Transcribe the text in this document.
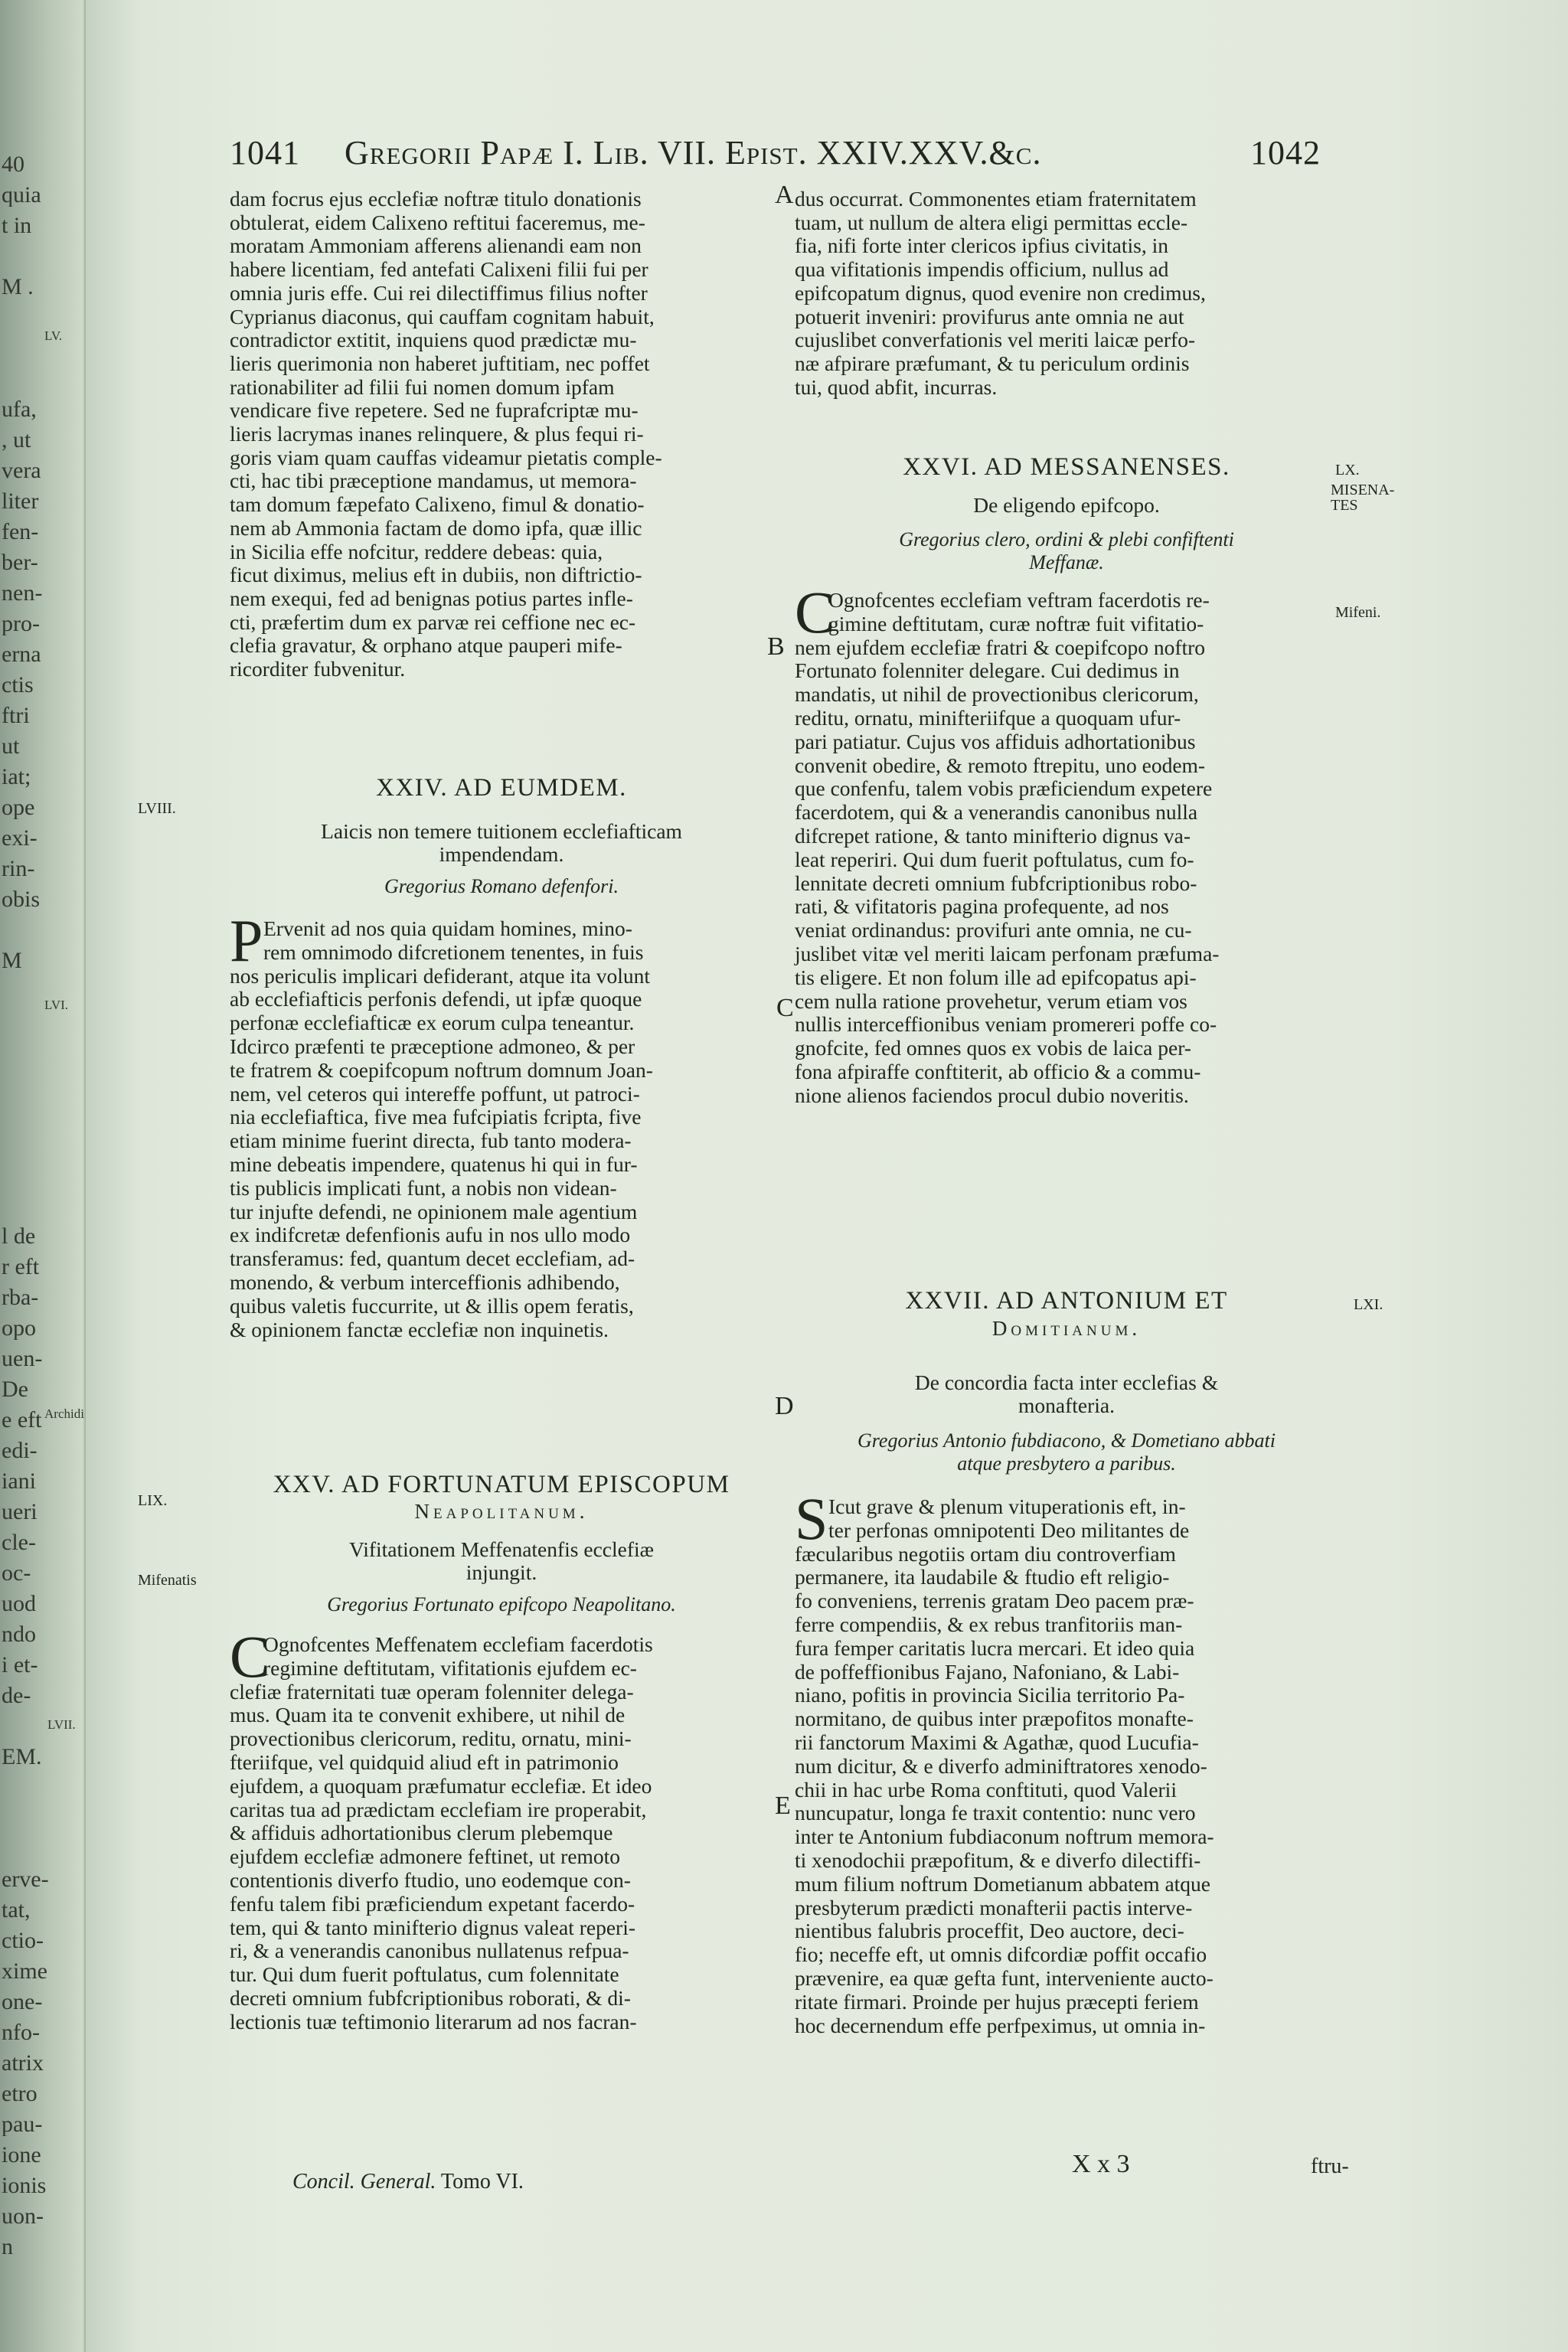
40
quia
t in
M .
ufa,
, ut
vera
liter
fen-
ber-
nen-
pro-
erna
ctis
ftri
ut
iat;
ope
exi-
rin-
obis
M
l de
r eft
rba-
opo
uen-
De
e eft
edi-
iani
ueri
cle-
oc-
uod
ndo
i et-
de-
EM.
erve-
tat,
ctio-
xime
one-
nfo-
atrix
etro
pau-
ione
ionis
uon-
n
LV.
LVI.
Archidi
LVII.
1041 Gregorii Papæ I. Lib. VII. Epist. XXIV.XXV.&c.	1042
dam focrus ejus ecclefiæ noftræ titulo donationis
obtulerat, eidem Calixeno reftitui faceremus, me-
moratam Ammoniam afferens alienandi eam non
habere licentiam, fed antefati Calixeni filii fui per
omnia juris effe. Cui rei dilectiffimus filius nofter
Cyprianus diaconus, qui cauffam cognitam habuit,
contradictor extitit, inquiens quod prædictæ mu-
lieris querimonia non haberet juftitiam, nec poffet
rationabiliter ad filii fui nomen domum ipfam
vendicare five repetere. Sed ne fuprafcriptæ mu-
lieris lacrymas inanes relinquere, & plus fequi ri-
goris viam quam cauffas videamur pietatis comple-
cti, hac tibi præceptione mandamus, ut memora-
tam domum fæpefato Calixeno, fimul & donatio-
nem ab Ammonia factam de domo ipfa, quæ illic
in Sicilia effe nofcitur, reddere debeas: quia,
ficut diximus, melius eft in dubiis, non diftrictio-
nem exequi, fed ad benignas potius partes infle-
cti, præfertim dum ex parvæ rei ceffione nec ec-
clefia gravatur, & orphano atque pauperi mife-
ricorditer fubvenitur.
XXIV. AD EUMDEM.
Laicis non temere tuitionem ecclefiafticam
impendendam.
Gregorius Romano defenfori.
Ervenit ad nos quia quidam homines, mino-
rem omnimodo difcretionem tenentes, in fuis
nos periculis implicari defiderant, atque ita volunt
ab ecclefiafticis perfonis defendi, ut ipfæ quoque
perfonæ ecclefiafticæ ex eorum culpa teneantur.
Idcirco præfenti te præceptione admoneo, & per
te fratrem & coepifcopum noftrum domnum Joan-
nem, vel ceteros qui intereffe poffunt, ut patroci-
nia ecclefiaftica, five mea fufcipiatis fcripta, five
etiam minime fuerint directa, fub tanto modera-
mine debeatis impendere, quatenus hi qui in fur-
tis publicis implicati funt, a nobis non videan-
tur injufte defendi, ne opinionem male agentium
ex indifcretæ defenfionis aufu in nos ullo modo
transferamus: fed, quantum decet ecclefiam, ad-
monendo, & verbum interceffionis adhibendo,
quibus valetis fuccurrite, ut & illis opem feratis,
& opinionem fanctæ ecclefiæ non inquinetis.
XXV. AD FORTUNATUM EPISCOPUM
Neapolitanum.
Vifitationem Meffenatenfis ecclefiæ
injungit.
Gregorius Fortunato epifcopo Neapolitano.
Ognofcentes Meffenatem ecclefiam facerdotis
regimine deftitutam, vifitationis ejufdem ec-
clefiæ fraternitati tuæ operam folenniter delega-
mus. Quam ita te convenit exhibere, ut nihil de
provectionibus clericorum, reditu, ornatu, mini-
fteriifque, vel quidquid aliud eft in patrimonio
ejufdem, a quoquam præfumatur ecclefiæ. Et ideo
caritas tua ad prædictam ecclefiam ire properabit,
& affiduis adhortationibus clerum plebemque
ejufdem ecclefiæ admonere feftinet, ut remoto
contentionis diverfo ftudio, uno eodemque con-
fenfu talem fibi præficiendum expetant facerdo-
tem, qui & tanto minifterio dignus valeat reperi-
ri, & a venerandis canonibus nullatenus refpua-
tur. Qui dum fuerit poftulatus, cum folennitate
decreti omnium fubfcriptionibus roborati, & di-
lectionis tuæ teftimonio literarum ad nos facran-
P
C
dus occurrat. Commonentes etiam fraternitatem
tuam, ut nullum de altera eligi permittas eccle-
fia, nifi forte inter clericos ipfius civitatis, in
qua vifitationis impendis officium, nullus ad
epifcopatum dignus, quod evenire non credimus,
potuerit inveniri: provifurus ante omnia ne aut
cujuslibet converfationis vel meriti laicæ perfo-
næ afpirare præfumant, & tu periculum ordinis
tui, quod abfit, incurras.
XXVI. AD MESSANENSES.
De eligendo epifcopo.
Gregorius clero, ordini & plebi confiftenti
Meffanæ.
Ognofcentes ecclefiam veftram facerdotis re-
gimine deftitutam, curæ noftræ fuit vifitatio-
nem ejufdem ecclefiæ fratri & coepifcopo noftro
Fortunato folenniter delegare. Cui dedimus in
mandatis, ut nihil de provectionibus clericorum,
reditu, ornatu, minifteriifque a quoquam ufur-
pari patiatur. Cujus vos affiduis adhortationibus
convenit obedire, & remoto ftrepitu, uno eodem-
que confenfu, talem vobis præficiendum expetere
facerdotem, qui & a venerandis canonibus nulla
difcrepet ratione, & tanto minifterio dignus va-
leat reperiri. Qui dum fuerit poftulatus, cum fo-
lennitate decreti omnium fubfcriptionibus robo-
rati, & vifitatoris pagina profequente, ad nos
veniat ordinandus: provifuri ante omnia, ne cu-
juslibet vitæ vel meriti laicam perfonam præfuma-
tis eligere. Et non folum ille ad epifcopatus api-
cem nulla ratione provehetur, verum etiam vos
nullis interceffionibus veniam promereri poffe co-
gnofcite, fed omnes quos ex vobis de laica per-
fona afpiraffe conftiterit, ab officio & a commu-
nione alienos faciendos procul dubio noveritis.
XXVII. AD ANTONIUM ET
Domitianum.
De concordia facta inter ecclefias &
monafteria.
Gregorius Antonio fubdiacono, & Dometiano abbati
atque presbytero a paribus.
Icut grave & plenum vituperationis eft, in-
ter perfonas omnipotenti Deo militantes de
fæcularibus negotiis ortam diu controverfiam
permanere, ita laudabile & ftudio eft religio-
fo conveniens, terrenis gratam Deo pacem præ-
ferre compendiis, & ex rebus tranfitoriis man-
fura femper caritatis lucra mercari. Et ideo quia
de poffeffionibus Fajano, Nafoniano, & Labi-
niano, pofitis in provincia Sicilia territorio Pa-
normitano, de quibus inter præpofitos monafte-
rii fanctorum Maximi & Agathæ, quod Lucufia-
num dicitur, & e diverfo adminiftratores xenodo-
chii in hac urbe Roma conftituti, quod Valerii
nuncupatur, longa fe traxit contentio: nunc vero
inter te Antonium fubdiaconum noftrum memora-
ti xenodochii præpofitum, & e diverfo dilectiffi-
mum filium noftrum Dometianum abbatem atque
presbyterum prædicti monafterii pactis interve-
nientibus falubris proceffit, Deo auctore, deci-
fio; neceffe eft, ut omnis difcordiæ poffit occafio
prævenire, ea quæ gefta funt, interveniente aucto-
ritate firmari. Proinde per hujus præcepti feriem
hoc decernendum effe perfpeximus, ut omnia in-
C
S
A
B
C
D
E
LVIII.
LIX.
Mifenatis
LX.
MISENA-
TES
Mifeni.
LXI.
Concil. General. Tomo VI.
X x 3	ftru-
